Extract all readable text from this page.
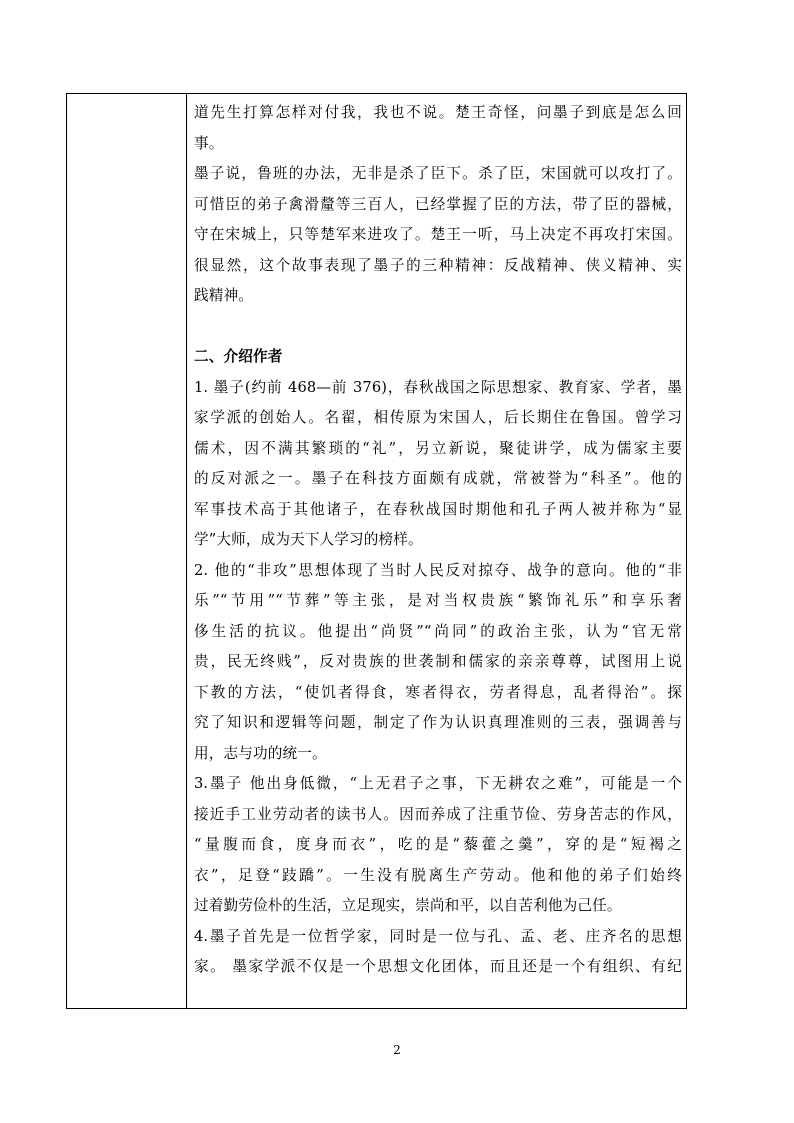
道先生打算怎样对付我，我也不说。楚王奇怪，问墨子到底是怎么回
事。
墨子说，鲁班的办法，无非是杀了臣下。杀了臣，宋国就可以攻打了。
可惜臣的弟子禽滑釐等三百人，已经掌握了臣的方法，带了臣的器械，
守在宋城上，只等楚军来进攻了。楚王一听，马上决定不再攻打宋国。
很显然，这个故事表现了墨子的三种精神：反战精神、侠义精神、实
践精神。
二、介绍作者
1. 墨子(约前 468—前 376)，春秋战国之际思想家、教育家、学者，墨
家学派的创始人。名翟，相传原为宋国人，后长期住在鲁国。曾学习
儒术，因不满其繁琐的“礼”，另立新说，聚徒讲学，成为儒家主要
的反对派之一。墨子在科技方面颇有成就，常被誉为“科圣”。他的
军事技术高于其他诸子，在春秋战国时期他和孔子两人被并称为“显
学”大师，成为天下人学习的榜样。
2. 他的“非攻”思想体现了当时人民反对掠夺、战争的意向。他的“非
乐”“节用”“节葬”等主张，是对当权贵族“繁饰礼乐”和享乐奢
侈生活的抗议。他提出“尚贤”“尚同”的政治主张，认为“官无常
贵，民无终贱”，反对贵族的世袭制和儒家的亲亲尊尊，试图用上说
下教的方法，“使饥者得食，寒者得衣，劳者得息，乱者得治”。探
究了知识和逻辑等问题，制定了作为认识真理准则的三表，强调善与
用，志与功的统一。
3.墨子 他出身低微，“上无君子之事，下无耕农之难”，可能是一个
接近手工业劳动者的读书人。因而养成了注重节俭、劳身苦志的作风，
“量腹而食，度身而衣”，吃的是“藜藿之羹”，穿的是“短褐之
衣”，足登“跂蹻”。一生没有脱离生产劳动。他和他的弟子们始终
过着勤劳俭朴的生活，立足现实，崇尚和平，以自苦利他为己任。
4.墨子首先是一位哲学家，同时是一位与孔、孟、老、庄齐名的思想
家。 墨家学派不仅是一个思想文化团体，而且还是一个有组织、有纪
2
